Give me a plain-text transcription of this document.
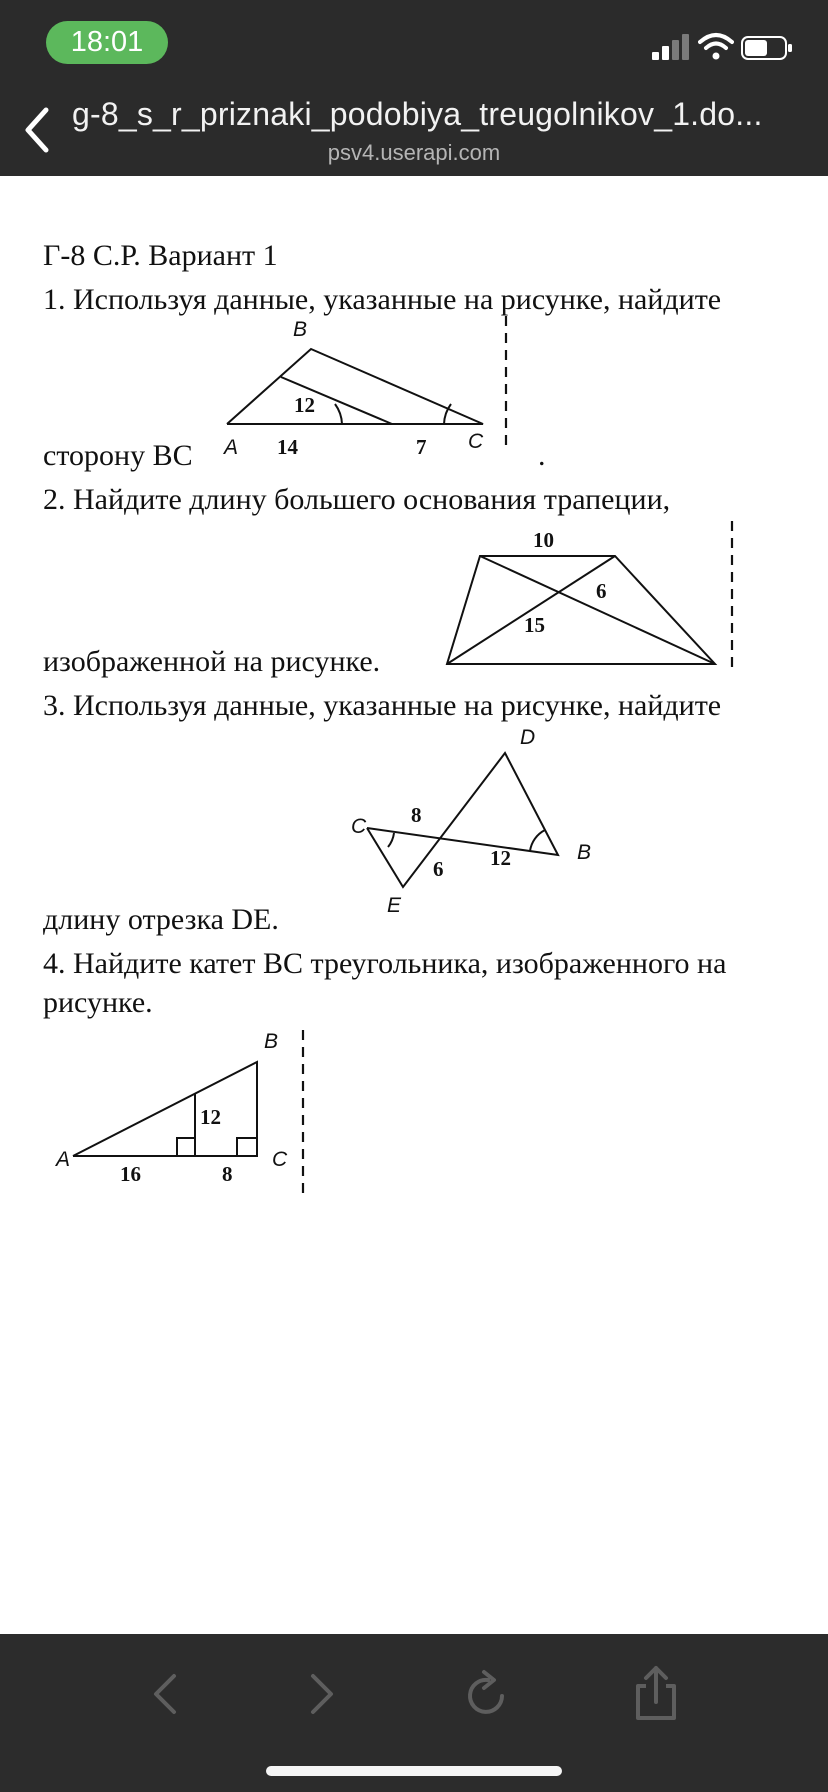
18:01
g-8_s_r_priznaki_podobiya_treugolnikov_1.do...
psv4.userapi.com
Г-8 С.Р. Вариант 1
1. Используя данные, указанные на рисунке, найдите
B
A	C
12
14	7
сторону BC	.
2. Найдите длину большего основания трапеции,
10
6
15
изображенной на рисунке.
3. Используя данные, указанные на рисунке, найдите
D
C
B
E
8
12
6
длину отрезка DE.
4. Найдите катет BC треугольника, изображенного на
рисунке.
B
A	C
12
16	8
